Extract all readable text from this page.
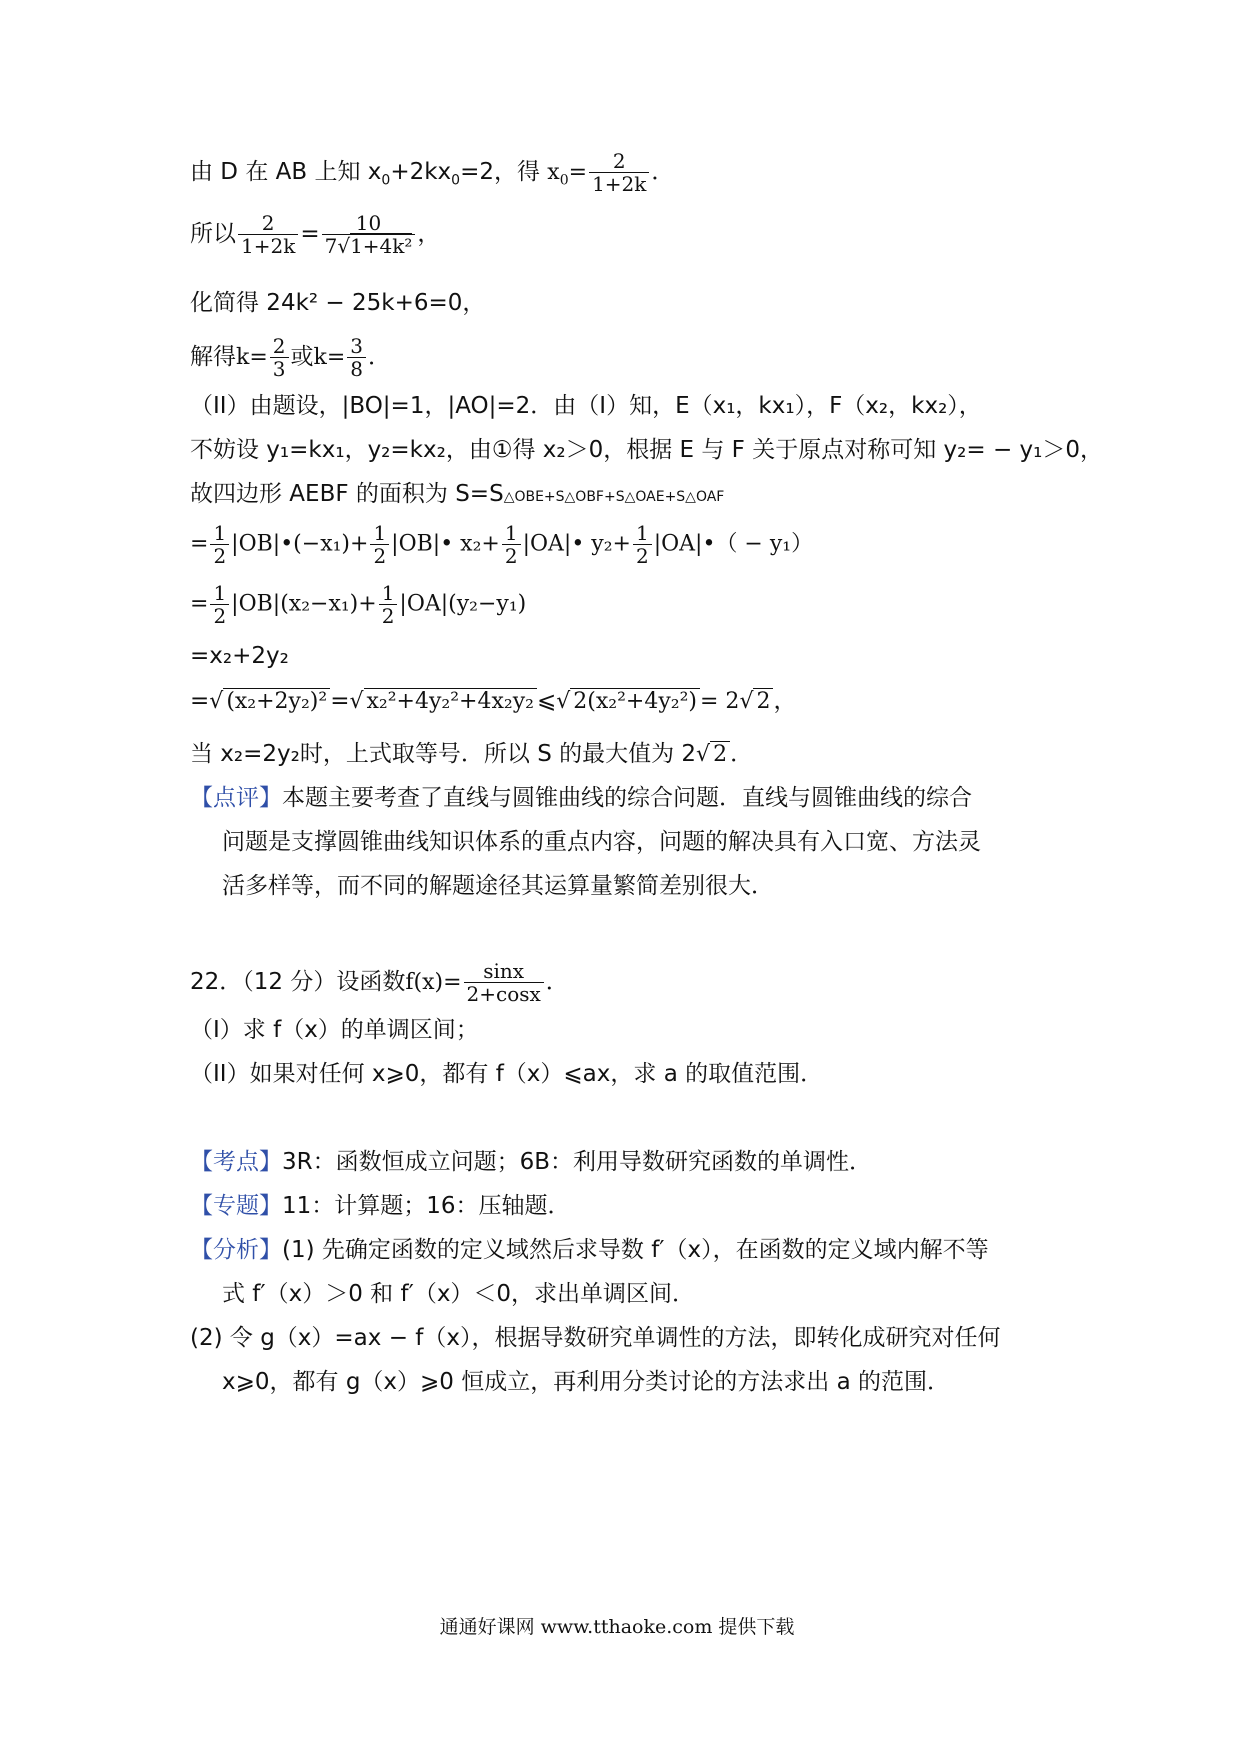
由 D 在 AB 上知 $x_0+2kx_0=2$，得 $x_0= \frac{2}{1+2k}$ ．
所以 $\frac{2}{1+2k} = \frac{10}{\text{7√1+4k²}}$ ，
化简得 24k² − 25k+6=0，
解得$k= \frac{2}{3}$ 或$k= \frac{3}{8}$ ．
（II）由题设，|BO|=1，|AO|=2．由（I）知，E（x₁，kx₁），F（x₂，kx₂），
不妨设 y₁=kx₁，y₂=kx₂，由①得 x₂＞0，根据 E 与 F 关于原点对称可知 y₂= − y₁＞0，
故四边形 AEBF 的面积为 S=S△OBE+S△OBF+S△OAE+S△OAF
= $\frac{1}{2}$ |OB|•(−x₁)+ $\frac{1}{2}$ |OB|• $x_2+ \frac{1}{2}$ |OA|• $y_2+ \frac{1}{2}$ |OA|•（ − y₁）
= $\frac{1}{2} |OB|(x_2-x_1)+ \frac{1}{2} |OA|(y_2-y_1)$
=x₂+2y₂
=√ (x₂+2y₂)² =√ x₂²+4y₂²+4x₂y₂ ⩽√ 2(x₂²+4y₂²) = 2√ 2 ，
当 x₂=2y₂时，上式取等号．所以 S 的最大值为 2√ 2 ．
【点评】本题主要考查了直线与圆锥曲线的综合问题．直线与圆锥曲线的综合
问题是支撑圆锥曲线知识体系的重点内容，问题的解决具有入口宽、方法灵
活多样等，而不同的解题途径其运算量繁简差别很大．
22．（12 分）设函数$f(x)= \frac{\sin x}{2+\cos x}$ ．
（I）求 f（x）的单调区间；
（II）如果对任何 x⩾0，都有 f（x）⩽ax，求 a 的取值范围．
【考点】3R：函数恒成立问题；6B：利用导数研究函数的单调性．
【专题】11：计算题；16：压轴题．
【分析】(1) 先确定函数的定义域然后求导数 f′（x），在函数的定义域内解不等
式 f′（x）＞0 和 f′（x）＜0，求出单调区间．
(2) 令 g（x）=ax − f（x），根据导数研究单调性的方法，即转化成研究对任何
x⩾0，都有 g（x）⩾0 恒成立，再利用分类讨论的方法求出 a 的范围．
通通好课网 www.tthaoke.com 提供下载
